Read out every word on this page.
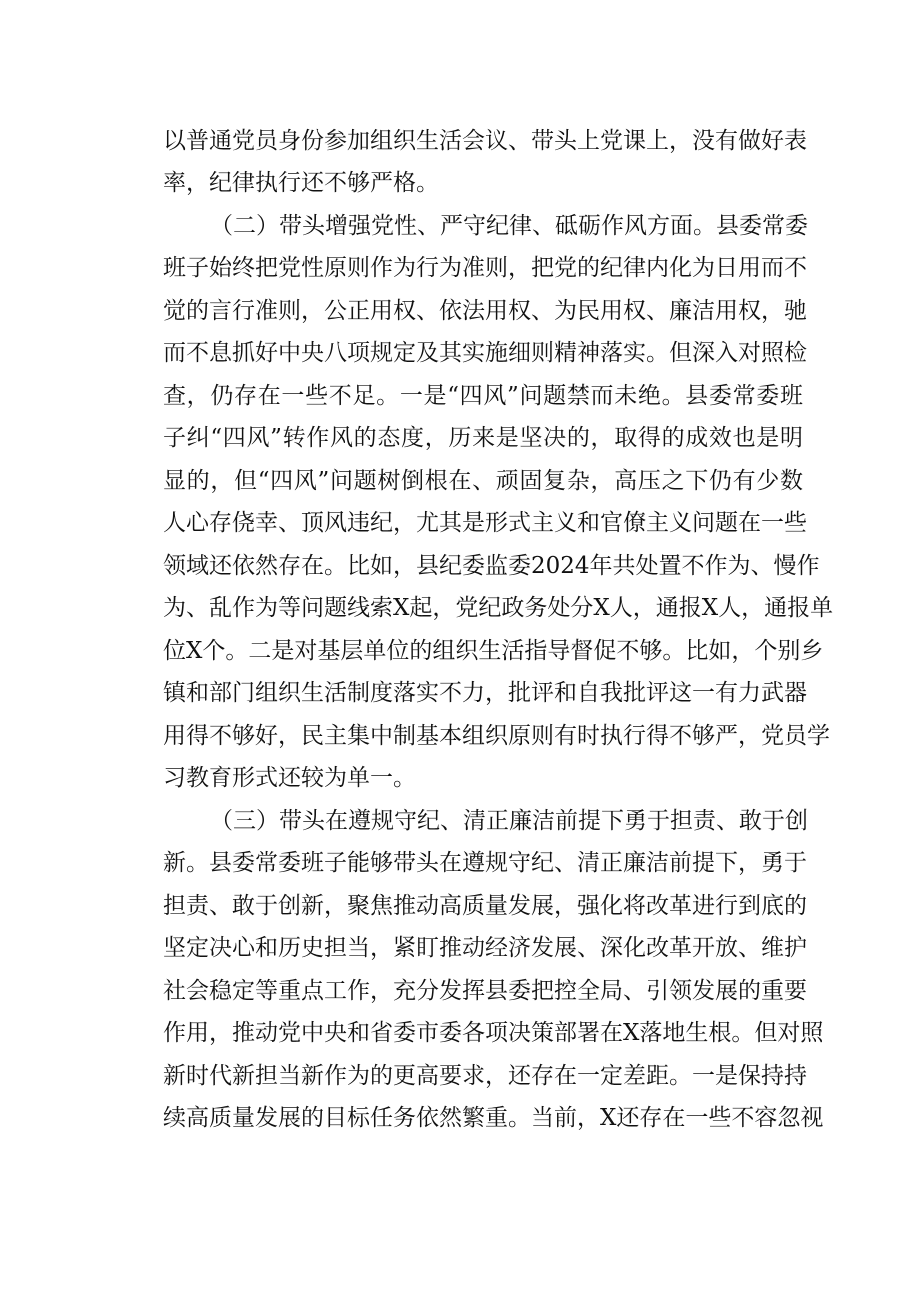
以普通党员身份参加组织生活会议、带头上党课上，没有做好表
率，纪律执行还不够严格。
（二）带头增强党性、严守纪律、砥砺作风方面。县委常委
班子始终把党性原则作为行为准则，把党的纪律内化为日用而不
觉的言行准则，公正用权、依法用权、为民用权、廉洁用权，驰
而不息抓好中央八项规定及其实施细则精神落实。但深入对照检
查，仍存在一些不足。一是“四风”问题禁而未绝。县委常委班
子纠“四风”转作风的态度，历来是坚决的，取得的成效也是明
显的，但“四风”问题树倒根在、顽固复杂，高压之下仍有少数
人心存侥幸、顶风违纪，尤其是形式主义和官僚主义问题在一些
领域还依然存在。比如，县纪委监委2024年共处置不作为、慢作
为、乱作为等问题线索X起，党纪政务处分X人，通报X人，通报单
位X个。二是对基层单位的组织生活指导督促不够。比如，个别乡
镇和部门组织生活制度落实不力，批评和自我批评这一有力武器
用得不够好，民主集中制基本组织原则有时执行得不够严，党员学
习教育形式还较为单一。
（三）带头在遵规守纪、清正廉洁前提下勇于担责、敢于创
新。县委常委班子能够带头在遵规守纪、清正廉洁前提下，勇于
担责、敢于创新，聚焦推动高质量发展，强化将改革进行到底的
坚定决心和历史担当，紧盯推动经济发展、深化改革开放、维护
社会稳定等重点工作，充分发挥县委把控全局、引领发展的重要
作用，推动党中央和省委市委各项决策部署在X落地生根。但对照
新时代新担当新作为的更高要求，还存在一定差距。一是保持持
续高质量发展的目标任务依然繁重。当前，X还存在一些不容忽视
